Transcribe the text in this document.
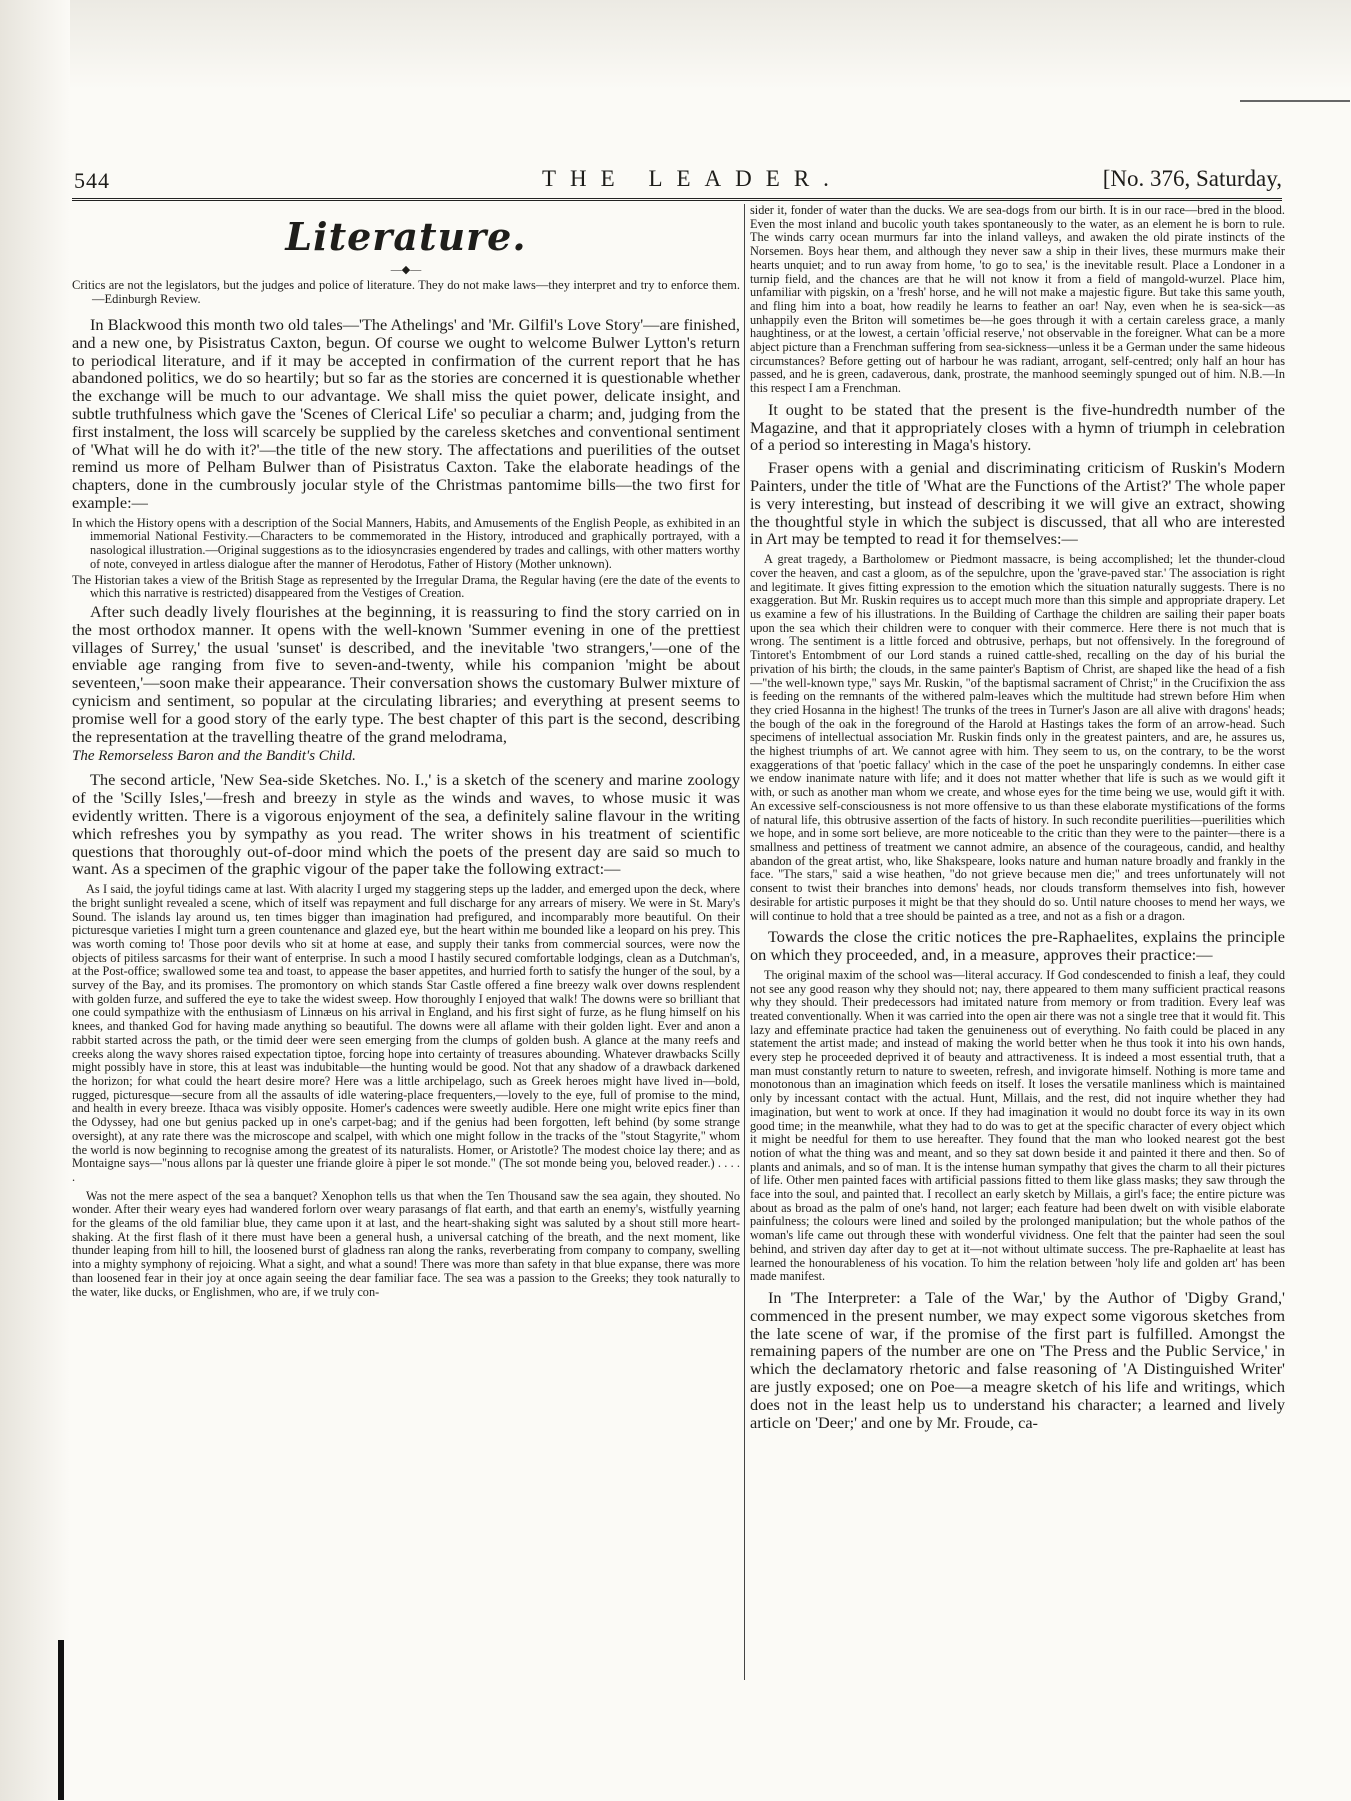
544	THE LEADER.	[No. 376, Saturday,
Literature.
—◆—
Critics are not the legislators, but the judges and police of literature. They do not make laws—they interpret and try to enforce them.—Edinburgh Review.

In Blackwood this month two old tales—'The Athelings' and 'Mr. Gilfil's Love Story'—are finished, and a new one, by Pisistratus Caxton, begun. Of course we ought to welcome Bulwer Lytton's return to periodical literature, and if it may be accepted in confirmation of the current report that he has abandoned politics, we do so heartily; but so far as the stories are concerned it is questionable whether the exchange will be much to our advantage. We shall miss the quiet power, delicate insight, and subtle truthfulness which gave the 'Scenes of Clerical Life' so peculiar a charm; and, judging from the first instalment, the loss will scarcely be supplied by the careless sketches and conventional sentiment of 'What will he do with it?'—the title of the new story. The affectations and puerilities of the outset remind us more of Pelham Bulwer than of Pisistratus Caxton. Take the elaborate headings of the chapters, done in the cumbrously jocular style of the Christmas pantomime bills—the two first for example:—

In which the History opens with a description of the Social Manners, Habits, and Amusements of the English People, as exhibited in an immemorial National Festivity.—Characters to be commemorated in the History, introduced and graphically portrayed, with a nasological illustration.—Original suggestions as to the idiosyncrasies engendered by trades and callings, with other matters worthy of note, conveyed in artless dialogue after the manner of Herodotus, Father of History (Mother unknown).

The Historian takes a view of the British Stage as represented by the Irregular Drama, the Regular having (ere the date of the events to which this narrative is restricted) disappeared from the Vestiges of Creation.

After such deadly lively flourishes at the beginning, it is reassuring to find the story carried on in the most orthodox manner. It opens with the well-known 'Summer evening in one of the prettiest villages of Surrey,' the usual 'sunset' is described, and the inevitable 'two strangers,'—one of the enviable age ranging from five to seven-and-twenty, while his companion 'might be about seventeen,'—soon make their appearance. Their conversation shows the customary Bulwer mixture of cynicism and sentiment, so popular at the circulating libraries; and everything at present seems to promise well for a good story of the early type. The best chapter of this part is the second, describing the representation at the travelling theatre of the grand melodrama,

The Remorseless Baron and the Bandit's Child.

The second article, 'New Sea-side Sketches. No. I.,' is a sketch of the scenery and marine zoology of the 'Scilly Isles,'—fresh and breezy in style as the winds and waves, to whose music it was evidently written. There is a vigorous enjoyment of the sea, a definitely saline flavour in the writing which refreshes you by sympathy as you read. The writer shows in his treatment of scientific questions that thoroughly out-of-door mind which the poets of the present day are said so much to want. As a specimen of the graphic vigour of the paper take the following extract:—

As I said, the joyful tidings came at last. With alacrity I urged my staggering steps up the ladder, and emerged upon the deck, where the bright sunlight revealed a scene, which of itself was repayment and full discharge for any arrears of misery. We were in St. Mary's Sound. The islands lay around us, ten times bigger than imagination had prefigured, and incomparably more beautiful. On their picturesque varieties I might turn a green countenance and glazed eye, but the heart within me bounded like a leopard on his prey. This was worth coming to! Those poor devils who sit at home at ease, and supply their tanks from commercial sources, were now the objects of pitiless sarcasms for their want of enterprise. In such a mood I hastily secured comfortable lodgings, clean as a Dutchman's, at the Post-office; swallowed some tea and toast, to appease the baser appetites, and hurried forth to satisfy the hunger of the soul, by a survey of the Bay, and its promises. The promontory on which stands Star Castle offered a fine breezy walk over downs resplendent with golden furze, and suffered the eye to take the widest sweep. How thoroughly I enjoyed that walk! The downs were so brilliant that one could sympathize with the enthusiasm of Linnæus on his arrival in England, and his first sight of furze, as he flung himself on his knees, and thanked God for having made anything so beautiful. The downs were all aflame with their golden light. Ever and anon a rabbit started across the path, or the timid deer were seen emerging from the clumps of golden bush. A glance at the many reefs and creeks along the wavy shores raised expectation tiptoe, forcing hope into certainty of treasures abounding. Whatever drawbacks Scilly might possibly have in store, this at least was indubitable—the hunting would be good. Not that any shadow of a drawback darkened the horizon; for what could the heart desire more? Here was a little archipelago, such as Greek heroes might have lived in—bold, rugged, picturesque—secure from all the assaults of idle watering-place frequenters,—lovely to the eye, full of promise to the mind, and health in every breeze. Ithaca was visibly opposite. Homer's cadences were sweetly audible. Here one might write epics finer than the Odyssey, had one but genius packed up in one's carpet-bag; and if the genius had been forgotten, left behind (by some strange oversight), at any rate there was the microscope and scalpel, with which one might follow in the tracks of the "stout Stagyrite," whom the world is now beginning to recognise among the greatest of its naturalists. Homer, or Aristotle? The modest choice lay there; and as Montaigne says—"nous allons par là quester une friande gloire à piper le sot monde." (The sot monde being you, beloved reader.) . . . . .

Was not the mere aspect of the sea a banquet? Xenophon tells us that when the Ten Thousand saw the sea again, they shouted. No wonder. After their weary eyes had wandered forlorn over weary parasangs of flat earth, and that earth an enemy's, wistfully yearning for the gleams of the old familiar blue, they came upon it at last, and the heart-shaking sight was saluted by a shout still more heart-shaking. At the first flash of it there must have been a general hush, a universal catching of the breath, and the next moment, like thunder leaping from hill to hill, the loosened burst of gladness ran along the ranks, reverberating from company to company, swelling into a mighty symphony of rejoicing. What a sight, and what a sound! There was more than safety in that blue expanse, there was more than loosened fear in their joy at once again seeing the dear familiar face. The sea was a passion to the Greeks; they took naturally to the water, like ducks, or Englishmen, who are, if we truly con-

sider it, fonder of water than the ducks. We are sea-dogs from our birth. It is in our race—bred in the blood. Even the most inland and bucolic youth takes spontaneously to the water, as an element he is born to rule. The winds carry ocean murmurs far into the inland valleys, and awaken the old pirate instincts of the Norsemen. Boys hear them, and although they never saw a ship in their lives, these murmurs make their hearts unquiet; and to run away from home, 'to go to sea,' is the inevitable result. Place a Londoner in a turnip field, and the chances are that he will not know it from a field of mangold-wurzel. Place him, unfamiliar with pigskin, on a 'fresh' horse, and he will not make a majestic figure. But take this same youth, and fling him into a boat, how readily he learns to feather an oar! Nay, even when he is sea-sick—as unhappily even the Briton will sometimes be—he goes through it with a certain careless grace, a manly haughtiness, or at the lowest, a certain 'official reserve,' not observable in the foreigner. What can be a more abject picture than a Frenchman suffering from sea-sickness—unless it be a German under the same hideous circumstances? Before getting out of harbour he was radiant, arrogant, self-centred; only half an hour has passed, and he is green, cadaverous, dank, prostrate, the manhood seemingly spunged out of him. N.B.—In this respect I am a Frenchman.

It ought to be stated that the present is the five-hundredth number of the Magazine, and that it appropriately closes with a hymn of triumph in celebration of a period so interesting in Maga's history.

Fraser opens with a genial and discriminating criticism of Ruskin's Modern Painters, under the title of 'What are the Functions of the Artist?' The whole paper is very interesting, but instead of describing it we will give an extract, showing the thoughtful style in which the subject is discussed, that all who are interested in Art may be tempted to read it for themselves:—

A great tragedy, a Bartholomew or Piedmont massacre, is being accomplished; let the thunder-cloud cover the heaven, and cast a gloom, as of the sepulchre, upon the 'grave-paved star.' The association is right and legitimate. It gives fitting expression to the emotion which the situation naturally suggests. There is no exaggeration. But Mr. Ruskin requires us to accept much more than this simple and appropriate drapery. Let us examine a few of his illustrations. In the Building of Carthage the children are sailing their paper boats upon the sea which their children were to conquer with their commerce. Here there is not much that is wrong. The sentiment is a little forced and obtrusive, perhaps, but not offensively. In the foreground of Tintoret's Entombment of our Lord stands a ruined cattle-shed, recalling on the day of his burial the privation of his birth; the clouds, in the same painter's Baptism of Christ, are shaped like the head of a fish—"the well-known type," says Mr. Ruskin, "of the baptismal sacrament of Christ;" in the Crucifixion the ass is feeding on the remnants of the withered palm-leaves which the multitude had strewn before Him when they cried Hosanna in the highest! The trunks of the trees in Turner's Jason are all alive with dragons' heads; the bough of the oak in the foreground of the Harold at Hastings takes the form of an arrow-head. Such specimens of intellectual association Mr. Ruskin finds only in the greatest painters, and are, he assures us, the highest triumphs of art. We cannot agree with him. They seem to us, on the contrary, to be the worst exaggerations of that 'poetic fallacy' which in the case of the poet he unsparingly condemns. In either case we endow inanimate nature with life; and it does not matter whether that life is such as we would gift it with, or such as another man whom we create, and whose eyes for the time being we use, would gift it with. An excessive self-consciousness is not more offensive to us than these elaborate mystifications of the forms of natural life, this obtrusive assertion of the facts of history. In such recondite puerilities—puerilities which we hope, and in some sort believe, are more noticeable to the critic than they were to the painter—there is a smallness and pettiness of treatment we cannot admire, an absence of the courageous, candid, and healthy abandon of the great artist, who, like Shakspeare, looks nature and human nature broadly and frankly in the face. "The stars," said a wise heathen, "do not grieve because men die;" and trees unfortunately will not consent to twist their branches into demons' heads, nor clouds transform themselves into fish, however desirable for artistic purposes it might be that they should do so. Until nature chooses to mend her ways, we will continue to hold that a tree should be painted as a tree, and not as a fish or a dragon.

Towards the close the critic notices the pre-Raphaelites, explains the principle on which they proceeded, and, in a measure, approves their practice:—

The original maxim of the school was—literal accuracy. If God condescended to finish a leaf, they could not see any good reason why they should not; nay, there appeared to them many sufficient practical reasons why they should. Their predecessors had imitated nature from memory or from tradition. Every leaf was treated conventionally. When it was carried into the open air there was not a single tree that it would fit. This lazy and effeminate practice had taken the genuineness out of everything. No faith could be placed in any statement the artist made; and instead of making the world better when he thus took it into his own hands, every step he proceeded deprived it of beauty and attractiveness. It is indeed a most essential truth, that a man must constantly return to nature to sweeten, refresh, and invigorate himself. Nothing is more tame and monotonous than an imagination which feeds on itself. It loses the versatile manliness which is maintained only by incessant contact with the actual. Hunt, Millais, and the rest, did not inquire whether they had imagination, but went to work at once. If they had imagination it would no doubt force its way in its own good time; in the meanwhile, what they had to do was to get at the specific character of every object which it might be needful for them to use hereafter. They found that the man who looked nearest got the best notion of what the thing was and meant, and so they sat down beside it and painted it there and then. So of plants and animals, and so of man. It is the intense human sympathy that gives the charm to all their pictures of life. Other men painted faces with artificial passions fitted to them like glass masks; they saw through the face into the soul, and painted that. I recollect an early sketch by Millais, a girl's face; the entire picture was about as broad as the palm of one's hand, not larger; each feature had been dwelt on with visible elaborate painfulness; the colours were lined and soiled by the prolonged manipulation; but the whole pathos of the woman's life came out through these with wonderful vividness. One felt that the painter had seen the soul behind, and striven day after day to get at it—not without ultimate success. The pre-Raphaelite at least has learned the honourableness of his vocation. To him the relation between 'holy life and golden art' has been made manifest.

In 'The Interpreter: a Tale of the War,' by the Author of 'Digby Grand,' commenced in the present number, we may expect some vigorous sketches from the late scene of war, if the promise of the first part is fulfilled. Amongst the remaining papers of the number are one on 'The Press and the Public Service,' in which the declamatory rhetoric and false reasoning of 'A Distinguished Writer' are justly exposed; one on Poe—a meagre sketch of his life and writings, which does not in the least help us to understand his character; a learned and lively article on 'Deer;' and one by Mr. Froude, ca-
